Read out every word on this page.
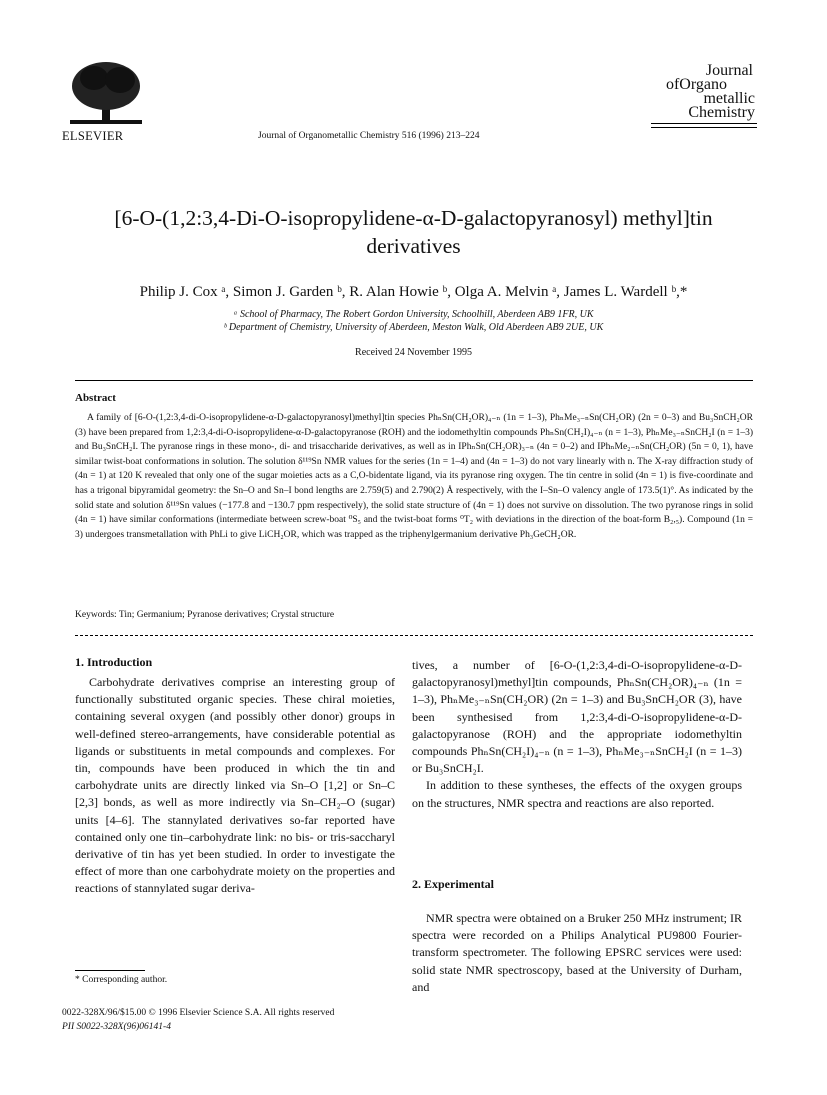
ELSEVIER	Journal of Organometallic Chemistry 516 (1996) 213–224
Journal
ofOrgano
metallic
Chemistry
[6-O-(1,2:3,4-Di-O-isopropylidene-α-D-galactopyranosyl) methyl]tin derivatives
Philip J. Cox ᵃ, Simon J. Garden ᵇ, R. Alan Howie ᵇ, Olga A. Melvin ᵃ, James L. Wardell ᵇ,*
ᵃ School of Pharmacy, The Robert Gordon University, Schoolhill, Aberdeen AB9 1FR, UK
ᵇ Department of Chemistry, University of Aberdeen, Meston Walk, Old Aberdeen AB9 2UE, UK
Received 24 November 1995
Abstract
A family of [6-O-(1,2:3,4-di-O-isopropylidene-α-D-galactopyranosyl)methyl]tin species PhₙSn(CH₂OR)₄₋ₙ (1n = 1–3), PhₙMe₃₋ₙSn(CH₂OR) (2n = 0–3) and Bu₃SnCH₂OR (3) have been prepared from 1,2:3,4-di-O-isopropylidene-α-D-galactopyranose (ROH) and the iodomethyltin compounds PhₙSn(CH₂I)₄₋ₙ (n = 1–3), PhₙMe₃₋ₙSnCH₂I (n = 1–3) and Bu₃SnCH₂I. The pyranose rings in these mono-, di- and trisaccharide derivatives, as well as in IPhₙSn(CH₂OR)₃₋ₙ (4n = 0–2) and IPhₙMe₂₋ₙSn(CH₂OR) (5n = 0, 1), have similar twist-boat conformations in solution. The solution δ¹¹⁹Sn NMR values for the series (1n = 1–4) and (4n = 1–3) do not vary linearly with n. The X-ray diffraction study of (4n = 1) at 120 K revealed that only one of the sugar moieties acts as a C,O-bidentate ligand, via its pyranose ring oxygen. The tin centre in solid (4n = 1) is five-coordinate and has a trigonal bipyramidal geometry: the Sn–O and Sn–I bond lengths are 2.759(5) and 2.790(2) Å respectively, with the I–Sn–O valency angle of 173.5(1)°. As indicated by the solid state and solution δ¹¹⁹Sn values (−177.8 and −130.7 ppm respectively), the solid state structure of (4n = 1) does not survive on dissolution. The two pyranose rings in solid (4n = 1) have similar conformations (intermediate between screw-boat ⁰S₅ and the twist-boat forms ⁰T₂ with deviations in the direction of the boat-form B₂,₅). Compound (1n = 3) undergoes transmetallation with PhLi to give LiCH₂OR, which was trapped as the triphenylgermanium derivative Ph₃GeCH₂OR.
Keywords: Tin; Germanium; Pyranose derivatives; Crystal structure
1. Introduction

Carbohydrate derivatives comprise an interesting group of functionally substituted organic species. These chiral moieties, containing several oxygen (and possibly other donor) groups in well-defined stereo-arrangements, have considerable potential as ligands or substituents in metal compounds and complexes. For tin, compounds have been produced in which the tin and carbohydrate units are directly linked via Sn–O [1,2] or Sn–C [2,3] bonds, as well as more indirectly via Sn–CH₂–O (sugar) units [4–6]. The stannylated derivatives so-far reported have contained only one tin–carbohydrate link: no bis- or tris-saccharyl derivative of tin has yet been studied. In order to investigate the effect of more than one carbohydrate moiety on the properties and reactions of stannylated sugar deriva-

tives, a number of [6-O-(1,2:3,4-di-O-isopropylidene-α-D-galactopyranosyl)methyl]tin compounds, PhₙSn(CH₂OR)₄₋ₙ (1n = 1–3), PhₙMe₃₋ₙSn(CH₂OR) (2n = 1–3) and Bu₃SnCH₂OR (3), have been synthesised from 1,2:3,4-di-O-isopropylidene-α-D-galactopyranose (ROH) and the appropriate iodomethyltin compounds PhₙSn(CH₂I)₄₋ₙ (n = 1–3), PhₙMe₃₋ₙSnCH₂I (n = 1–3) or Bu₃SnCH₂I.

In addition to these syntheses, the effects of the oxygen groups on the structures, NMR spectra and reactions are also reported.

2. Experimental

NMR spectra were obtained on a Bruker 250 MHz instrument; IR spectra were recorded on a Philips Analytical PU9800 Fourier-transform spectrometer. The following EPSRC services were used: solid state NMR spectroscopy, based at the University of Durham, and

* Corresponding author.
0022-328X/96/$15.00 © 1996 Elsevier Science S.A. All rights reserved
PII S0022-328X(96)06141-4
